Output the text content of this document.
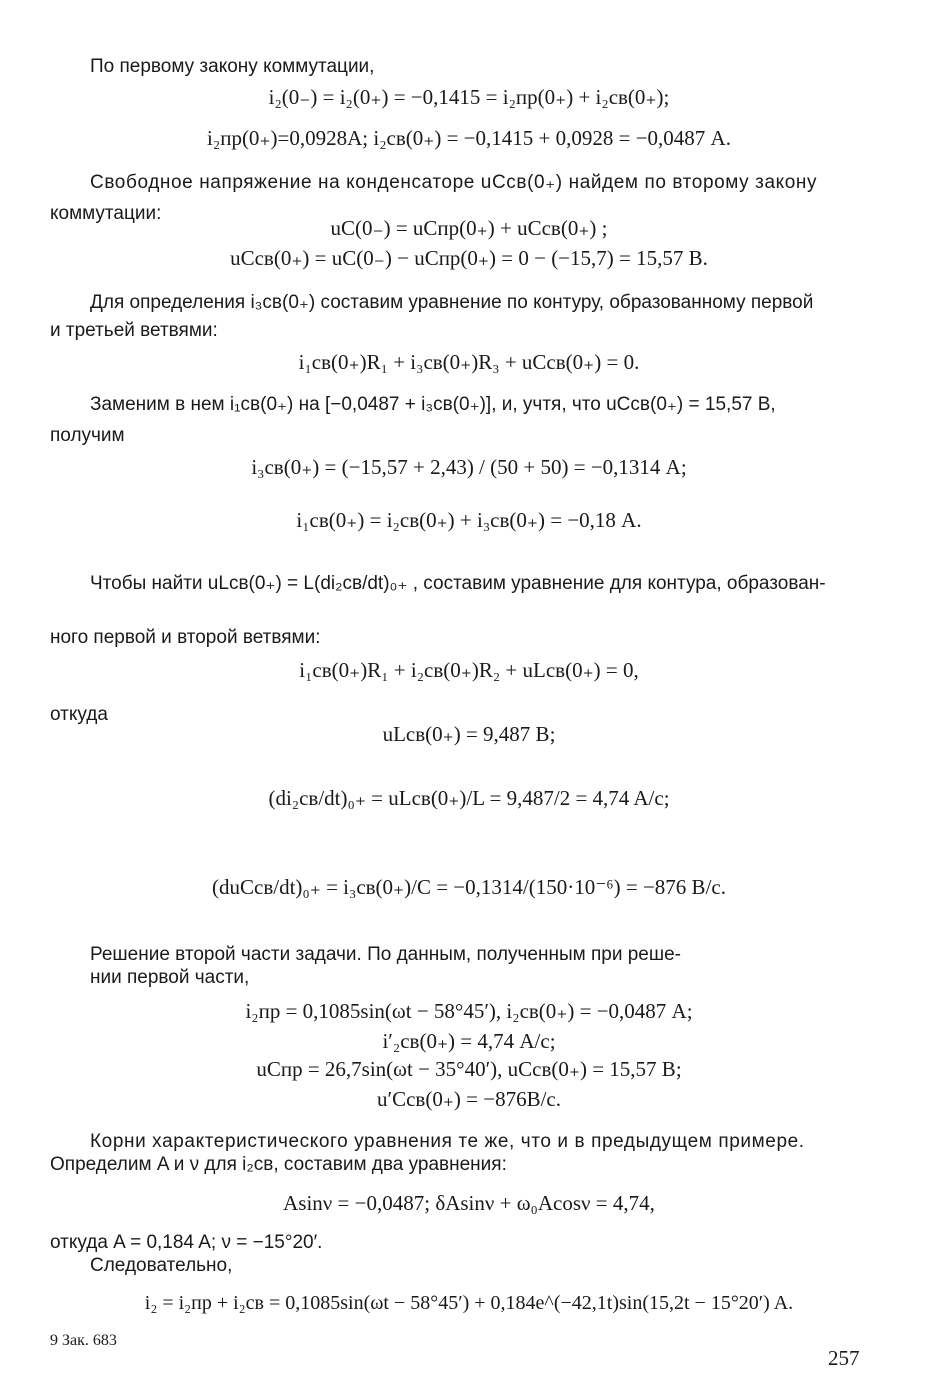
По первому закону коммутации,
i₂(0₋) = i₂(0₊) = −0,1415 = i₂пр(0₊) + i₂св(0₊);
i₂пр(0₊)=0,0928A; i₂св(0₊) = −0,1415 + 0,0928 = −0,0487 A.
Свободное напряжение на конденсаторе uCсв(0₊) найдем по второму закону
коммутации:
uC(0₋) = uCпр(0₊) + uCсв(0₊) ;
uCсв(0₊) = uC(0₋) − uCпр(0₊) = 0 − (−15,7) = 15,57 B.
Для определения i₃св(0₊) составим уравнение по контуру, образованному первой
и третьей ветвями:
i₁св(0₊)R₁ + i₃св(0₊)R₃ + uCсв(0₊) = 0.
Заменим в нем i₁св(0₊) на [−0,0487 + i₃св(0₊)], и, учтя, что uCсв(0₊) = 15,57 B,
получим
i₃св(0₊) = (−15,57 + 2,43) / (50 + 50) = −0,1314 A;
i₁св(0₊) = i₂св(0₊) + i₃св(0₊) = −0,18 A.
Чтобы найти uLсв(0₊) = L(di₂св/dt)₀₊ , составим уравнение для контура, образован-
ного первой и второй ветвями:
i₁св(0₊)R₁ + i₂св(0₊)R₂ + uLсв(0₊) = 0,
откуда
uLсв(0₊) = 9,487 B;
(di₂св/dt)₀₊ = uLсв(0₊)/L = 9,487/2 = 4,74 A/c;
(duCсв/dt)₀₊ = i₃св(0₊)/C = −0,1314/(150·10⁻⁶) = −876 B/c.
Решение второй части задачи. По данным, полученным при реше-
нии первой части,
i₂пр = 0,1085sin(ωt − 58°45′), i₂св(0₊) = −0,0487 A;
i′₂св(0₊) = 4,74 A/c;
uCпр = 26,7sin(ωt − 35°40′), uCсв(0₊) = 15,57 B;
u′Cсв(0₊) = −876B/c.
Корни характеристического уравнения те же, что и в предыдущем примере.
Определим A и ν для i₂св, составим два уравнения:
Asinν = −0,0487; δAsinν + ω₀Acosν = 4,74,
откуда A = 0,184 A; ν = −15°20′.
Следовательно,
i₂ = i₂пр + i₂св = 0,1085sin(ωt − 58°45′) + 0,184e^(−42,1t)sin(15,2t − 15°20′) A.
9 Зак. 683
257
